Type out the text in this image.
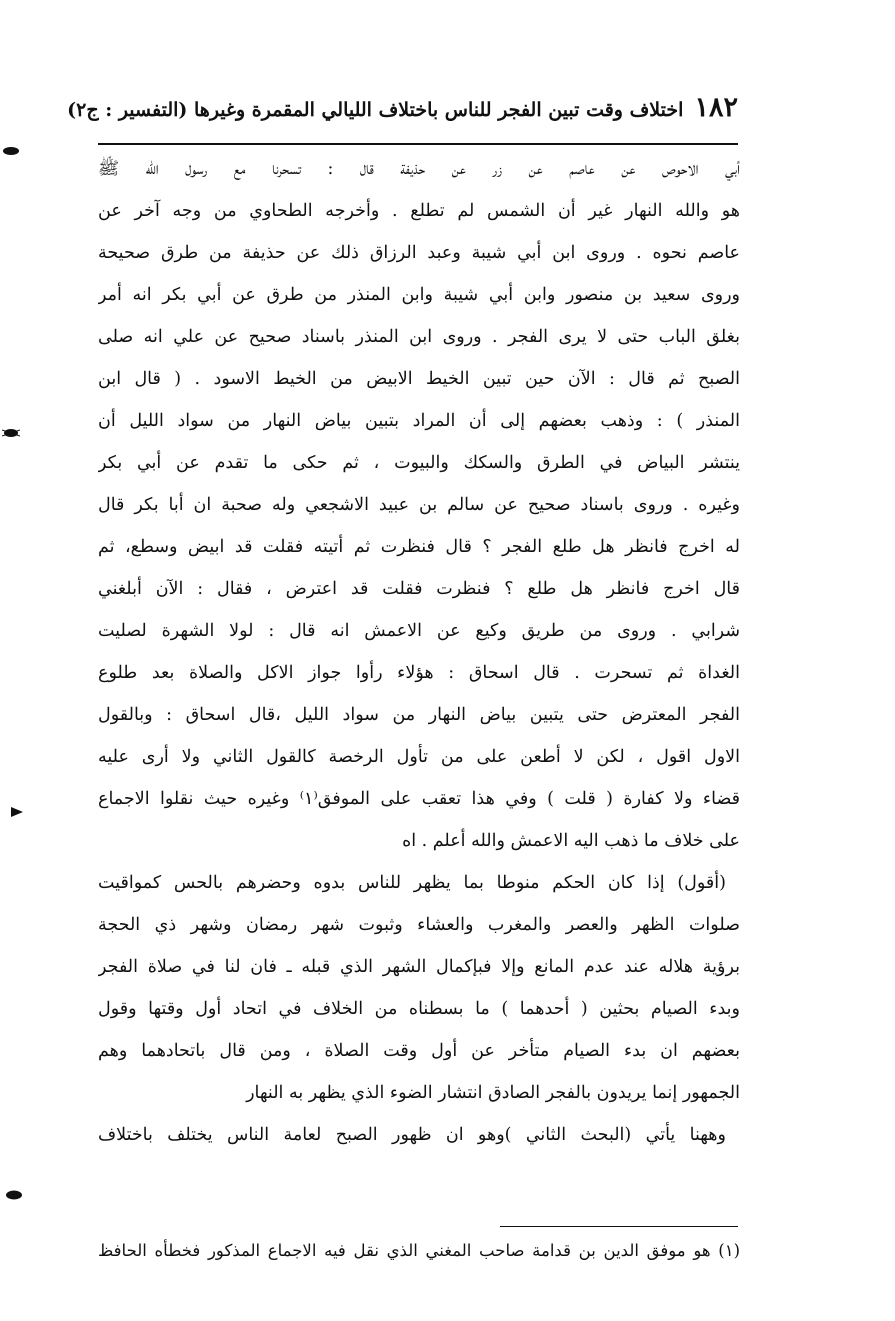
١٨٢ اختلاف وقت تبين الفجر للناس باختلاف الليالي المقمرة وغيرها (التفسير : ج٢)
أبي الاحوص عن عاصم عن زر عن حذيفة قال : تسحرنا مع رسول الله ﷺ
هو والله النهار غير أن الشمس لم تطلع . وأخرجه الطحاوي من وجه آخر عن
عاصم نحوه . وروى ابن أبي شيبة وعبد الرزاق ذلك عن حذيفة من طرق صحيحة
وروى سعيد بن منصور وابن أبي شيبة وابن المنذر من طرق عن أبي بكر انه أمر
بغلق الباب حتى لا يرى الفجر . وروى ابن المنذر باسناد صحيح عن علي انه صلى
الصبح ثم قال : الآن حين تبين الخيط الابيض من الخيط الاسود . ( قال ابن
المنذر ) : وذهب بعضهم إلى أن المراد بتبين بياض النهار من سواد الليل أن
ينتشر البياض في الطرق والسكك والبيوت ، ثم حكى ما تقدم عن أبي بكر
وغيره . وروى باسناد صحيح عن سالم بن عبيد الاشجعي وله صحبة ان أبا بكر قال
له اخرج فانظر هل طلع الفجر ؟ قال فنظرت ثم أتيته فقلت قد ابيض وسطع، ثم
قال اخرج فانظر هل طلع ؟ فنظرت فقلت قد اعترض ، فقال : الآن أبلغني
شرابي . وروى من طريق وكيع عن الاعمش انه قال : لولا الشهرة لصليت
الغداة ثم تسحرت . قال اسحاق : هؤلاء رأوا جواز الاكل والصلاة بعد طلوع
الفجر المعترض حتى يتبين بياض النهار من سواد الليل ،قال اسحاق : وبالقول
الاول اقول ، لكن لا أطعن على من تأول الرخصة كالقول الثاني ولا أرى عليه
قضاء ولا كفارة ( قلت ) وفي هذا تعقب على الموفق⁽١⁾ وغيره حيث نقلوا الاجماع
على خلاف ما ذهب اليه الاعمش والله أعلم . اه
(أقول) إذا كان الحكم منوطا بما يظهر للناس بدوه وحضرهم بالحس كمواقيت
صلوات الظهر والعصر والمغرب والعشاء وثبوت شهر رمضان وشهر ذي الحجة
برؤية هلاله عند عدم المانع وإلا فبإكمال الشهر الذي قبله ـ فان لنا في صلاة الفجر
وبدء الصيام بحثين ( أحدهما ) ما بسطناه من الخلاف في اتحاد أول وقتها وقول
بعضهم ان بدء الصيام متأخر عن أول وقت الصلاة ، ومن قال باتحادهما وهم
الجمهور إنما يريدون بالفجر الصادق انتشار الضوء الذي يظهر به النهار
وههنا يأتي (البحث الثاني )وهو ان ظهور الصبح لعامة الناس يختلف باختلاف
(١) هو موفق الدين بن قدامة صاحب المغني الذي نقل فيه الاجماع المذكور فخطأه الحافظ
